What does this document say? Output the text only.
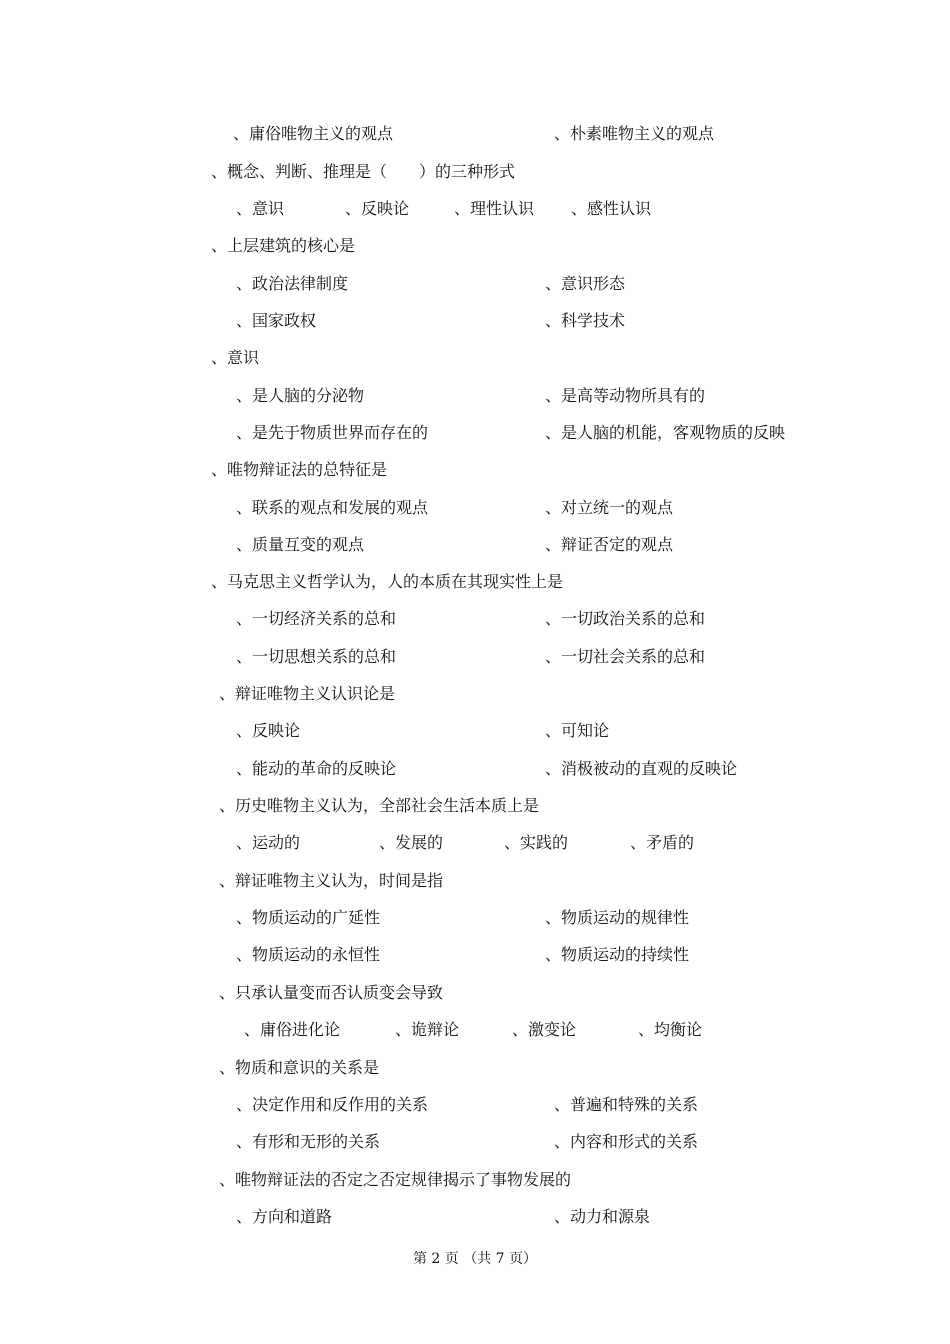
、庸俗唯物主义的观点	、朴素唯物主义的观点
、概念、判断、推理是（　　）的三种形式
、意识	、反映论	、理性认识 、感性认识
、上层建筑的核心是
、政治法律制度	、意识形态
、国家政权	、科学技术
、意识
、是人脑的分泌物	、是高等动物所具有的
、是先于物质世界而存在的	、是人脑的机能，客观物质的反映
、唯物辩证法的总特征是
、联系的观点和发展的观点	、对立统一的观点
、质量互变的观点	、辩证否定的观点
、马克思主义哲学认为，人的本质在其现实性上是
、一切经济关系的总和	、一切政治关系的总和
、一切思想关系的总和	、一切社会关系的总和
、辩证唯物主义认识论是
、反映论	、可知论
、能动的革命的反映论	、消极被动的直观的反映论
、历史唯物主义认为，全部社会生活本质上是
、运动的	、发展的	、实践的	、矛盾的
、辩证唯物主义认为，时间是指
、物质运动的广延性	、物质运动的规律性
、物质运动的永恒性	、物质运动的持续性
、只承认量变而否认质变会导致
、庸俗进化论	、诡辩论	、激变论	、均衡论
、物质和意识的关系是
、决定作用和反作用的关系	、普遍和特殊的关系
、有形和无形的关系	、内容和形式的关系
、唯物辩证法的否定之否定规律揭示了事物发展的
、方向和道路	、动力和源泉
第 2 页 （共 7 页）
